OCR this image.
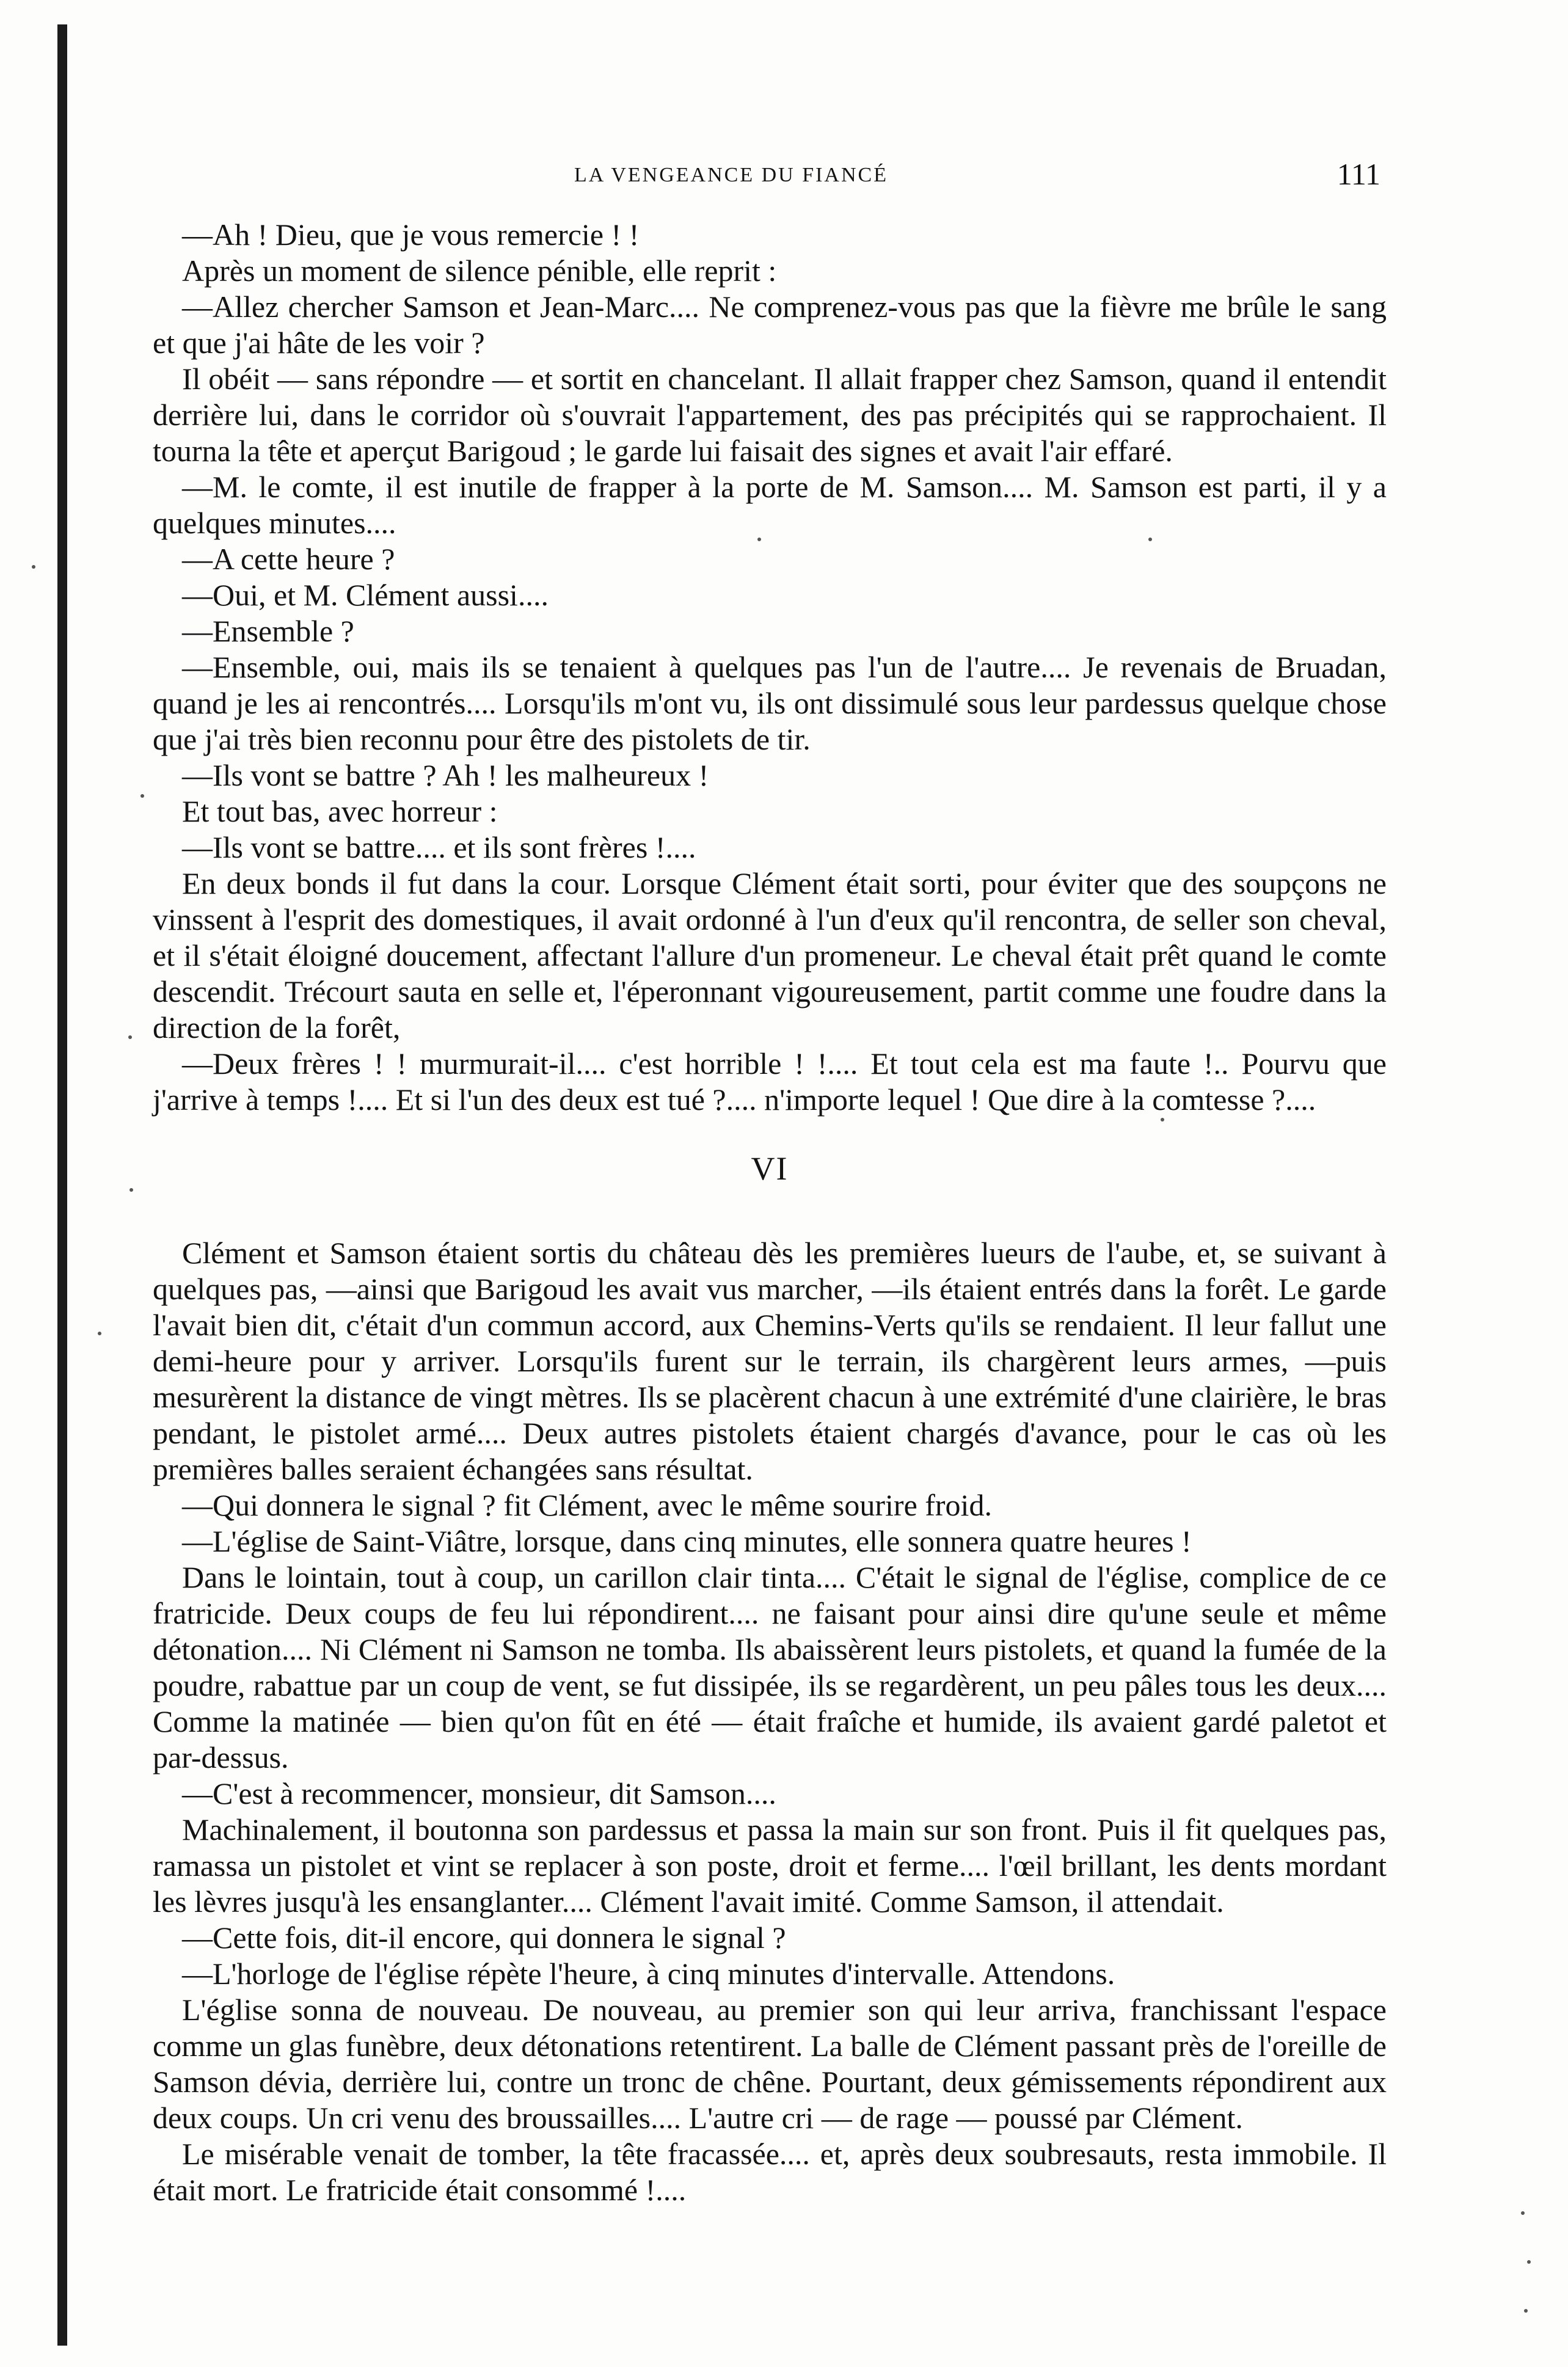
LA VENGEANCE DU FIANCÉ	111

—Ah ! Dieu, que je vous remercie ! !

Après un moment de silence pénible, elle reprit :

—Allez chercher Samson et Jean-Marc.... Ne comprenez-vous pas que la fièvre me brûle le sang et que j'ai hâte de les voir ?

Il obéit — sans répondre — et sortit en chancelant. Il allait frapper chez Samson, quand il entendit derrière lui, dans le corridor où s'ouvrait l'appartement, des pas précipités qui se rapprochaient. Il tourna la tête et aperçut Barigoud ; le garde lui faisait des signes et avait l'air effaré.

—M. le comte, il est inutile de frapper à la porte de M. Samson.... M. Samson est parti, il y a quelques minutes....

—A cette heure ?

—Oui, et M. Clément aussi....

—Ensemble ?

—Ensemble, oui, mais ils se tenaient à quelques pas l'un de l'autre.... Je revenais de Bruadan, quand je les ai rencontrés.... Lorsqu'ils m'ont vu, ils ont dissimulé sous leur pardessus quelque chose que j'ai très bien reconnu pour être des pistolets de tir.

—Ils vont se battre ? Ah ! les malheureux !

Et tout bas, avec horreur :

—Ils vont se battre.... et ils sont frères !....

En deux bonds il fut dans la cour. Lorsque Clément était sorti, pour éviter que des soupçons ne vinssent à l'esprit des domestiques, il avait ordonné à l'un d'eux qu'il rencontra, de seller son cheval, et il s'était éloigné doucement, affectant l'allure d'un promeneur. Le cheval était prêt quand le comte descendit. Trécourt sauta en selle et, l'éperonnant vigoureusement, partit comme une foudre dans la direction de la forêt,

—Deux frères ! ! murmurait-il.... c'est horrible ! !.... Et tout cela est ma faute !.. Pourvu que j'arrive à temps !.... Et si l'un des deux est tué ?.... n'importe lequel ! Que dire à la comtesse ?....

VI

Clément et Samson étaient sortis du château dès les premières lueurs de l'aube, et, se suivant à quelques pas, —ainsi que Barigoud les avait vus marcher, —ils étaient entrés dans la forêt. Le garde l'avait bien dit, c'était d'un commun accord, aux Chemins-Verts qu'ils se rendaient. Il leur fallut une demi-heure pour y arriver. Lorsqu'ils furent sur le terrain, ils chargèrent leurs armes, —puis mesurèrent la distance de vingt mètres. Ils se placèrent chacun à une extrémité d'une clairière, le bras pendant, le pistolet armé.... Deux autres pistolets étaient chargés d'avance, pour le cas où les premières balles seraient échangées sans résultat.

—Qui donnera le signal ? fit Clément, avec le même sourire froid.

—L'église de Saint-Viâtre, lorsque, dans cinq minutes, elle sonnera quatre heures !

Dans le lointain, tout à coup, un carillon clair tinta.... C'était le signal de l'église, complice de ce fratricide. Deux coups de feu lui répondirent.... ne faisant pour ainsi dire qu'une seule et même détonation.... Ni Clément ni Samson ne tomba. Ils abaissèrent leurs pistolets, et quand la fumée de la poudre, rabattue par un coup de vent, se fut dissipée, ils se regardèrent, un peu pâles tous les deux.... Comme la matinée — bien qu'on fût en été — était fraîche et humide, ils avaient gardé paletot et par-dessus.

—C'est à recommencer, monsieur, dit Samson....

Machinalement, il boutonna son pardessus et passa la main sur son front. Puis il fit quelques pas, ramassa un pistolet et vint se replacer à son poste, droit et ferme.... l'œil brillant, les dents mordant les lèvres jusqu'à les ensanglanter.... Clément l'avait imité. Comme Samson, il attendait.

—Cette fois, dit-il encore, qui donnera le signal ?

—L'horloge de l'église répète l'heure, à cinq minutes d'intervalle. Attendons.

L'église sonna de nouveau. De nouveau, au premier son qui leur arriva, franchissant l'espace comme un glas funèbre, deux détonations retentirent. La balle de Clément passant près de l'oreille de Samson dévia, derrière lui, contre un tronc de chêne. Pourtant, deux gémissements répondirent aux deux coups. Un cri venu des broussailles.... L'autre cri — de rage — poussé par Clément.

Le misérable venait de tomber, la tête fracassée.... et, après deux soubresauts, resta immobile. Il était mort. Le fratricide était consommé !....
